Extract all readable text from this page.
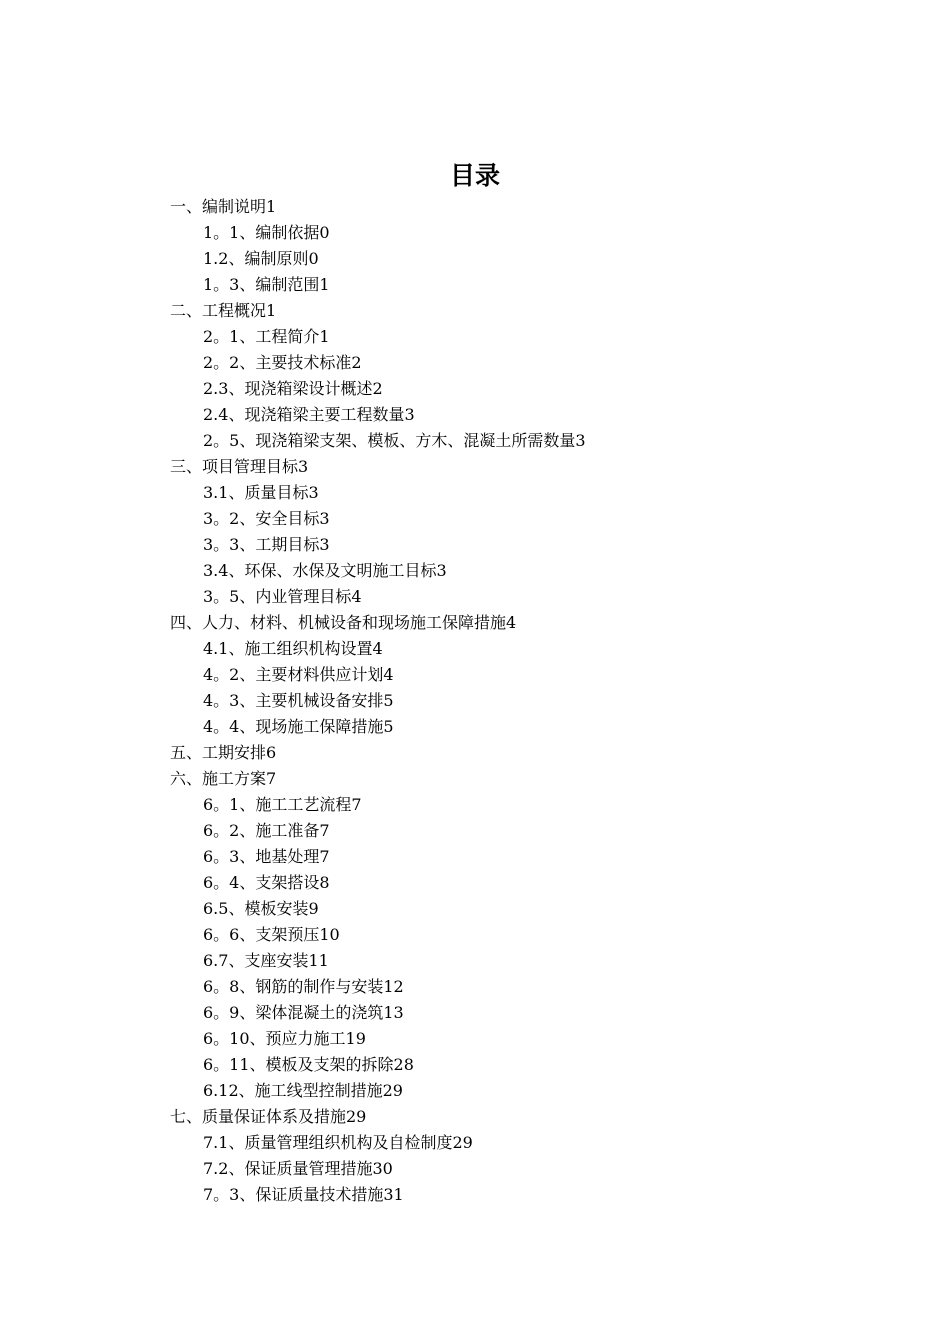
目录
一、编制说明1
1。1、编制依据0
1.2、编制原则0
1。3、编制范围1
二、工程概况1
2。1、工程简介1
2。2、主要技术标准2
2.3、现浇箱梁设计概述2
2.4、现浇箱梁主要工程数量3
2。5、现浇箱梁支架、模板、方木、混凝土所需数量3
三、项目管理目标3
3.1、质量目标3
3。2、安全目标3
3。3、工期目标3
3.4、环保、水保及文明施工目标3
3。5、内业管理目标4
四、人力、材料、机械设备和现场施工保障措施4
4.1、施工组织机构设置4
4。2、主要材料供应计划4
4。3、主要机械设备安排5
4。4、现场施工保障措施5
五、工期安排6
六、施工方案7
6。1、施工工艺流程7
6。2、施工准备7
6。3、地基处理7
6。4、支架搭设8
6.5、模板安装9
6。6、支架预压10
6.7、支座安装11
6。8、钢筋的制作与安装12
6。9、梁体混凝土的浇筑13
6。10、预应力施工19
6。11、模板及支架的拆除28
6.12、施工线型控制措施29
七、质量保证体系及措施29
7.1、质量管理组织机构及自检制度29
7.2、保证质量管理措施30
7。3、保证质量技术措施31
